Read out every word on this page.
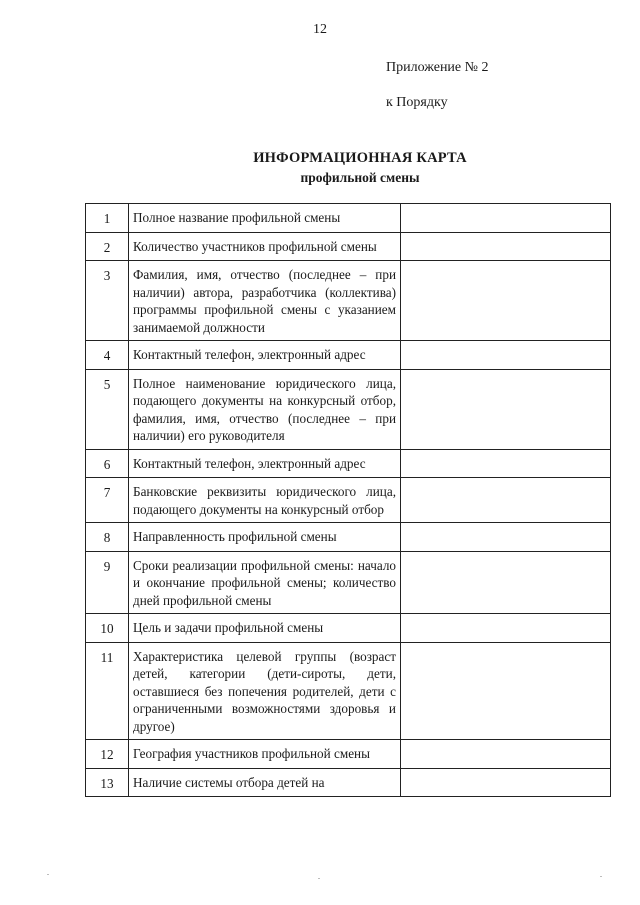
12
Приложение № 2
к Порядку
ИНФОРМАЦИОННАЯ КАРТА
профильной смены
1	Полное название профильной смены	
2	Количество участников профильной смены	
3	Фамилия, имя, отчество (последнее – при наличии) автора, разработчика (коллектива) программы профильной смены с указанием занимаемой должности	
4	Контактный телефон, электронный адрес	
5	Полное наименование юридического лица, подающего документы на конкурсный отбор, фамилия, имя, отчество (последнее – при наличии) его руководителя	
6	Контактный телефон, электронный адрес	
7	Банковские реквизиты юридического лица, подающего документы на конкурсный отбор	
8	Направленность профильной смены	
9	Сроки реализации профильной смены: начало и окончание профильной смены; количество дней профильной смены	
10	Цель и задачи профильной смены	
11	Характеристика целевой группы (возраст детей, категории (дети-сироты, дети, оставшиеся без попечения родителей, дети с ограниченными возможностями здоровья и другое)	
12	География участников профильной смены	
13	Наличие системы отбора детей на	
